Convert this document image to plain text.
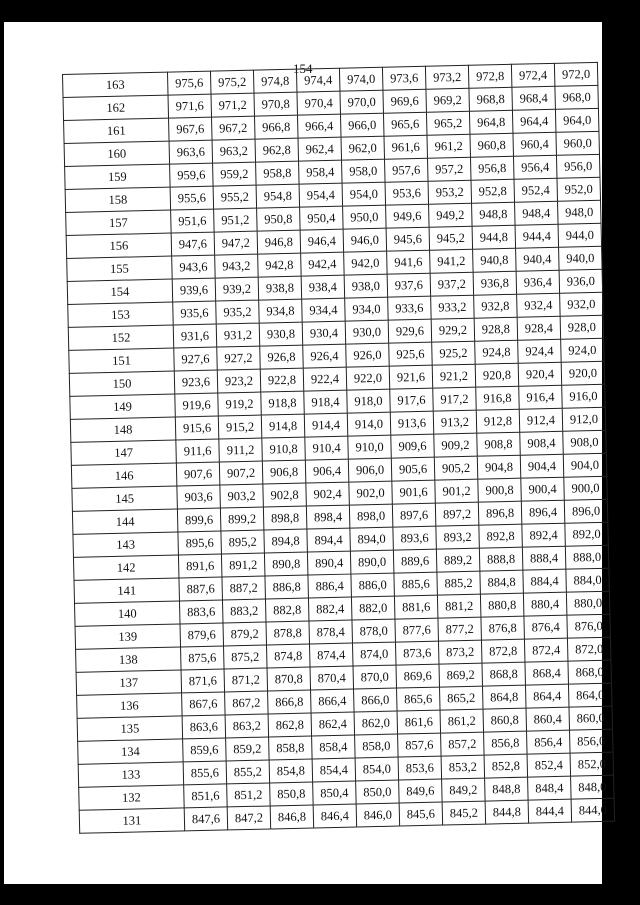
154
163	975,6	975,2	974,8	974,4	974,0	973,6	973,2	972,8	972,4	972,0
162	971,6	971,2	970,8	970,4	970,0	969,6	969,2	968,8	968,4	968,0
161	967,6	967,2	966,8	966,4	966,0	965,6	965,2	964,8	964,4	964,0
160	963,6	963,2	962,8	962,4	962,0	961,6	961,2	960,8	960,4	960,0
159	959,6	959,2	958,8	958,4	958,0	957,6	957,2	956,8	956,4	956,0
158	955,6	955,2	954,8	954,4	954,0	953,6	953,2	952,8	952,4	952,0
157	951,6	951,2	950,8	950,4	950,0	949,6	949,2	948,8	948,4	948,0
156	947,6	947,2	946,8	946,4	946,0	945,6	945,2	944,8	944,4	944,0
155	943,6	943,2	942,8	942,4	942,0	941,6	941,2	940,8	940,4	940,0
154	939,6	939,2	938,8	938,4	938,0	937,6	937,2	936,8	936,4	936,0
153	935,6	935,2	934,8	934,4	934,0	933,6	933,2	932,8	932,4	932,0
152	931,6	931,2	930,8	930,4	930,0	929,6	929,2	928,8	928,4	928,0
151	927,6	927,2	926,8	926,4	926,0	925,6	925,2	924,8	924,4	924,0
150	923,6	923,2	922,8	922,4	922,0	921,6	921,2	920,8	920,4	920,0
149	919,6	919,2	918,8	918,4	918,0	917,6	917,2	916,8	916,4	916,0
148	915,6	915,2	914,8	914,4	914,0	913,6	913,2	912,8	912,4	912,0
147	911,6	911,2	910,8	910,4	910,0	909,6	909,2	908,8	908,4	908,0
146	907,6	907,2	906,8	906,4	906,0	905,6	905,2	904,8	904,4	904,0
145	903,6	903,2	902,8	902,4	902,0	901,6	901,2	900,8	900,4	900,0
144	899,6	899,2	898,8	898,4	898,0	897,6	897,2	896,8	896,4	896,0
143	895,6	895,2	894,8	894,4	894,0	893,6	893,2	892,8	892,4	892,0
142	891,6	891,2	890,8	890,4	890,0	889,6	889,2	888,8	888,4	888,0
141	887,6	887,2	886,8	886,4	886,0	885,6	885,2	884,8	884,4	884,0
140	883,6	883,2	882,8	882,4	882,0	881,6	881,2	880,8	880,4	880,0
139	879,6	879,2	878,8	878,4	878,0	877,6	877,2	876,8	876,4	876,0
138	875,6	875,2	874,8	874,4	874,0	873,6	873,2	872,8	872,4	872,0
137	871,6	871,2	870,8	870,4	870,0	869,6	869,2	868,8	868,4	868,0
136	867,6	867,2	866,8	866,4	866,0	865,6	865,2	864,8	864,4	864,0
135	863,6	863,2	862,8	862,4	862,0	861,6	861,2	860,8	860,4	860,0
134	859,6	859,2	858,8	858,4	858,0	857,6	857,2	856,8	856,4	856,0
133	855,6	855,2	854,8	854,4	854,0	853,6	853,2	852,8	852,4	852,0
132	851,6	851,2	850,8	850,4	850,0	849,6	849,2	848,8	848,4	848,0
131	847,6	847,2	846,8	846,4	846,0	845,6	845,2	844,8	844,4	844,0
